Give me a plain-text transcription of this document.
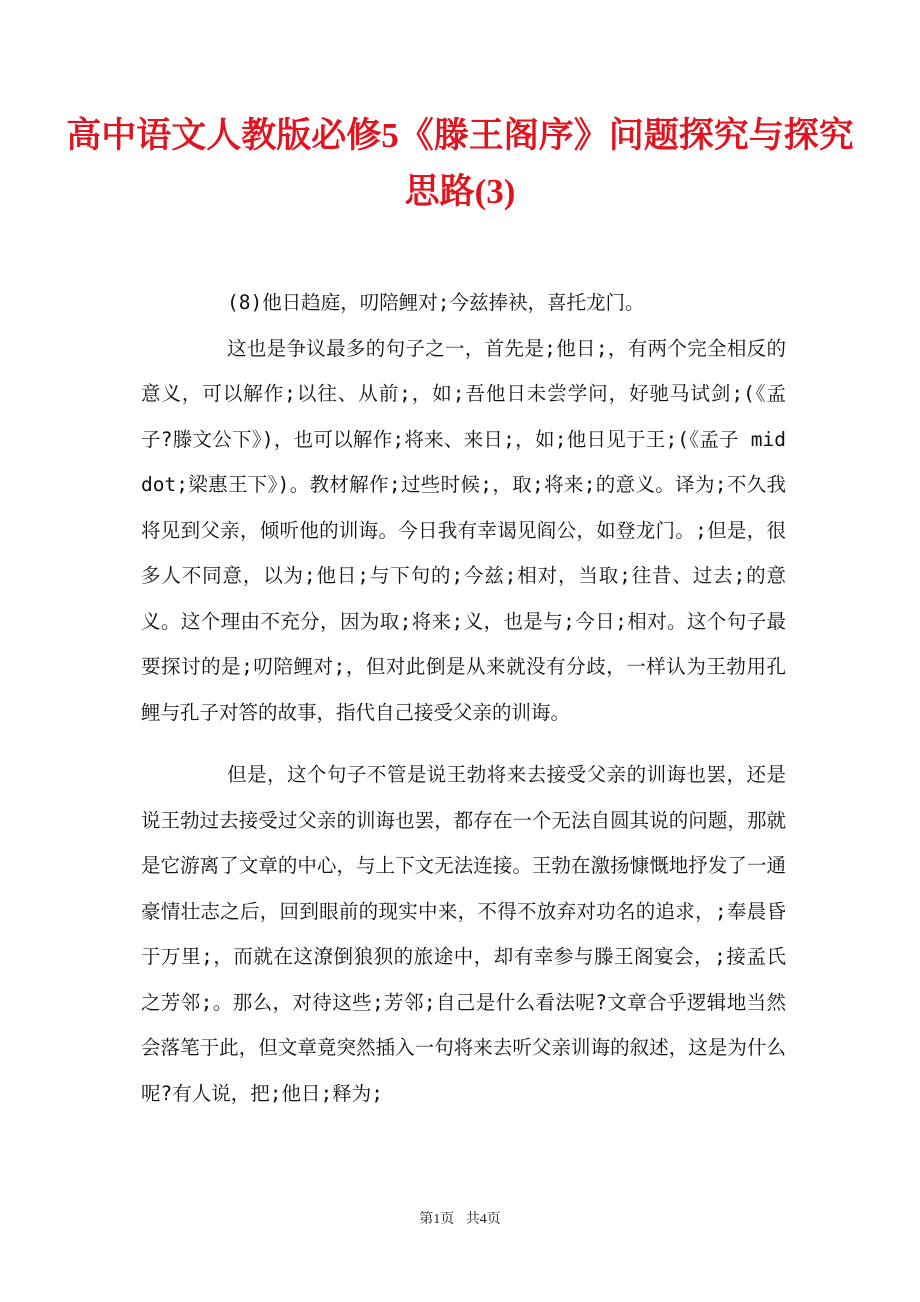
高中语文人教版必修5《滕王阁序》问题探究与探究思路(3)

(8)他日趋庭，叨陪鲤对;今兹捧袂，喜托龙门。

这也是争议最多的句子之一，首先是;他日;，有两个完全相反的意义，可以解作;以往、从前;，如;吾他日未尝学问，好驰马试剑;(《孟子?滕文公下》)，也可以解作;将来、来日;，如;他日见于王;(《孟子 middot;梁惠王下》)。教材解作;过些时候;，取;将来;的意义。译为;不久我将见到父亲，倾听他的训诲。今日我有幸谒见阎公，如登龙门。;但是，很多人不同意，以为;他日;与下句的;今兹;相对，当取;往昔、过去;的意义。这个理由不充分，因为取;将来;义，也是与;今日;相对。这个句子最要探讨的是;叨陪鲤对;，但对此倒是从来就没有分歧，一样认为王勃用孔鲤与孔子对答的故事，指代自己接受父亲的训诲。

但是，这个句子不管是说王勃将来去接受父亲的训诲也罢，还是说王勃过去接受过父亲的训诲也罢，都存在一个无法自圆其说的问题，那就是它游离了文章的中心，与上下文无法连接。王勃在激扬慷慨地抒发了一通豪情壮志之后，回到眼前的现实中来，不得不放弃对功名的追求，;奉晨昏于万里;，而就在这潦倒狼狈的旅途中，却有幸参与滕王阁宴会，;接孟氏之芳邻;。那么，对待这些;芳邻;自己是什么看法呢?文章合乎逻辑地当然会落笔于此，但文章竟突然插入一句将来去听父亲训诲的叙述，这是为什么呢?有人说，把;他日;释为;

第1页 共4页
